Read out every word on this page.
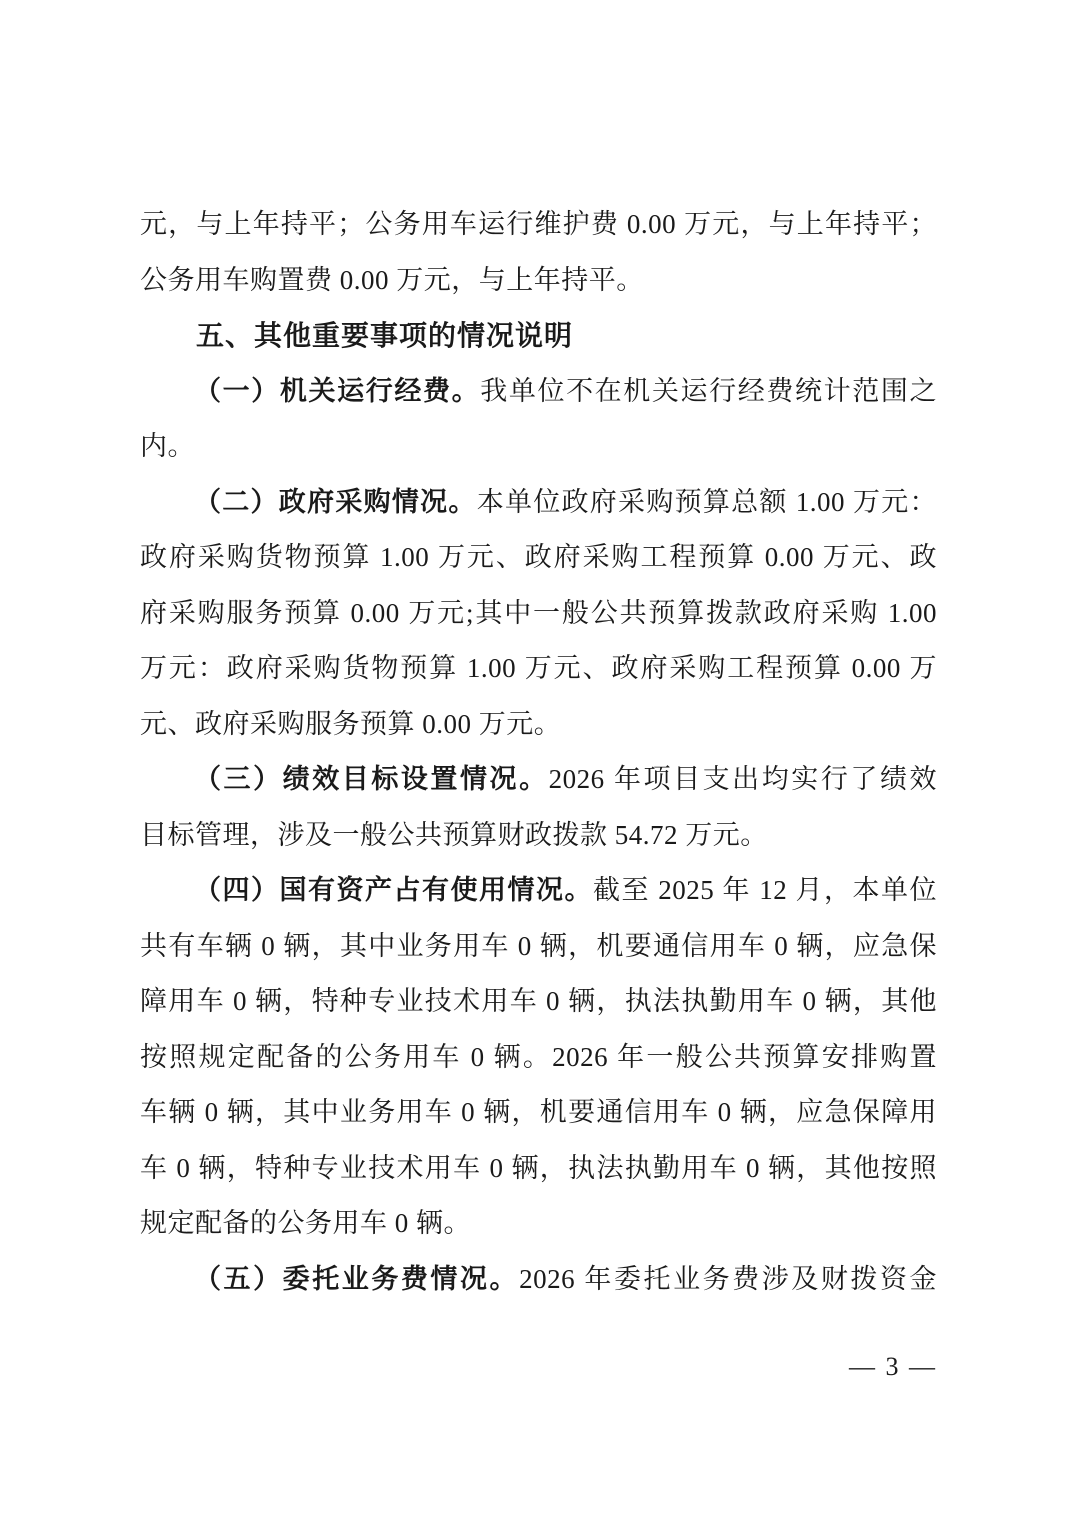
元，与上年持平；公务用车运行维护费 0.00 万元，与上年持平；
公务用车购置费 0.00 万元，与上年持平。
五、其他重要事项的情况说明
（一）机关运行经费。我单位不在机关运行经费统计范围之
内。
（二）政府采购情况。本单位政府采购预算总额 1.00 万元：
政府采购货物预算 1.00 万元、政府采购工程预算 0.00 万元、政
府采购服务预算 0.00 万元;其中一般公共预算拨款政府采购 1.00
万元：政府采购货物预算 1.00 万元、政府采购工程预算 0.00 万
元、政府采购服务预算 0.00 万元。
（三）绩效目标设置情况。2026 年项目支出均实行了绩效
目标管理，涉及一般公共预算财政拨款 54.72 万元。
（四）国有资产占有使用情况。截至 2025 年 12 月，本单位
共有车辆 0 辆，其中业务用车 0 辆，机要通信用车 0 辆，应急保
障用车 0 辆，特种专业技术用车 0 辆，执法执勤用车 0 辆，其他
按照规定配备的公务用车 0 辆。2026 年一般公共预算安排购置
车辆 0 辆，其中业务用车 0 辆，机要通信用车 0 辆，应急保障用
车 0 辆，特种专业技术用车 0 辆，执法执勤用车 0 辆，其他按照
规定配备的公务用车 0 辆。
（五）委托业务费情况。2026 年委托业务费涉及财拨资金
— 3 —
